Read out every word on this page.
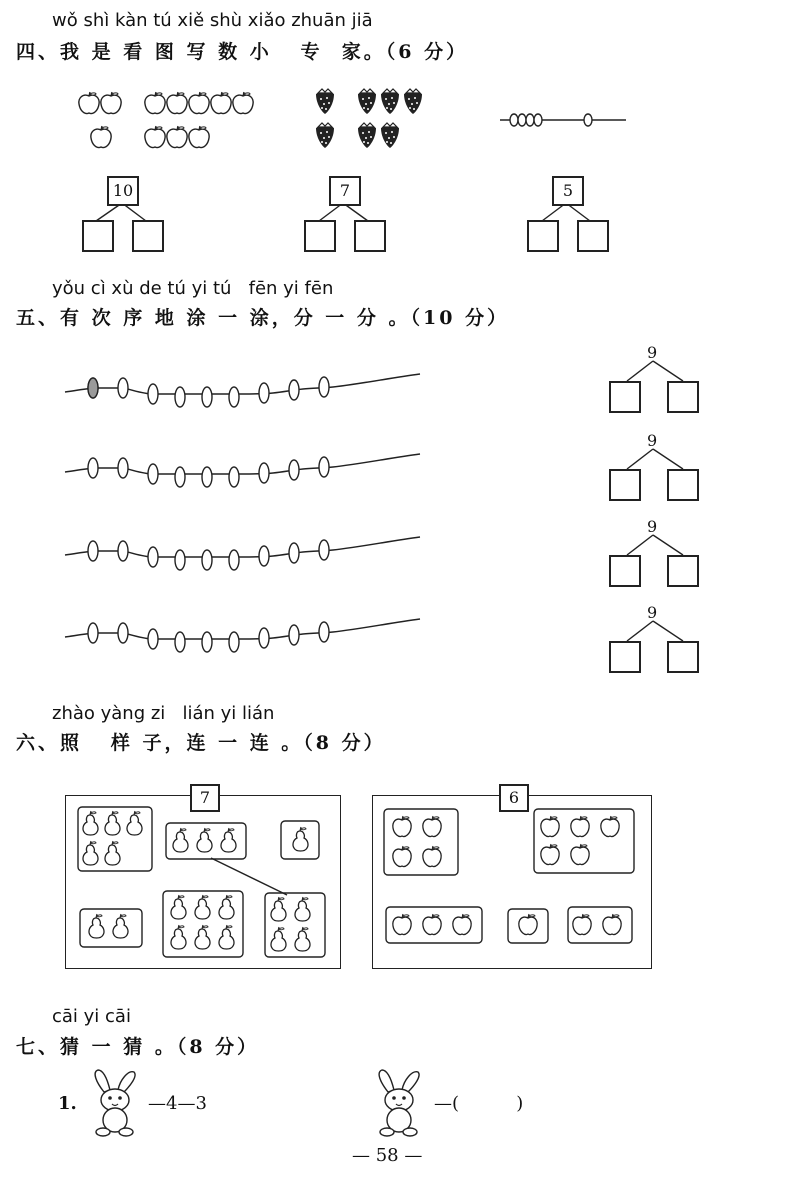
wǒ shì kàn tú xiě shù xiǎo zhuān jiā
四、我 是 看 图 写 数 小   专  家。（6 分）
10	7	5
yǒu cì xù de tú yi tú   fēn yi fēn
五、有 次 序 地 涂 一 涂，分 一 分 。（10 分）
9
9
9
9
zhào yàng zi   lián yi lián
六、照   样 子，连 一 连 。（8 分）
7	6
cāi yi cāi
七、猜 一 猜 。（8 分）
1.	—4—3	—(          )
— 58 —
